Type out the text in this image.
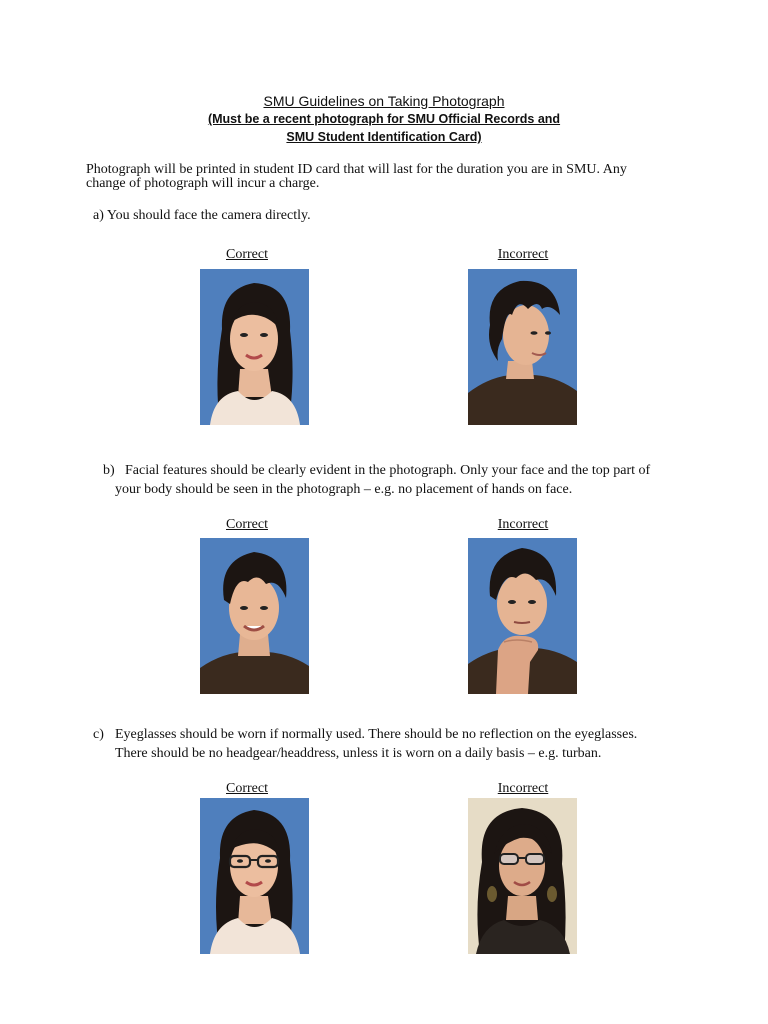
SMU Guidelines on Taking Photograph
(Must be a recent photograph for SMU Official Records and
SMU Student Identification Card)
Photograph will be printed in student ID card that will last for the duration you are in SMU. Any
change of photograph will incur a charge.
a) You should face the camera directly.
Correct	Incorrect
b) Facial features should be clearly evident in the photograph. Only your face and the top part of
your body should be seen in the photograph – e.g. no placement of hands on face.
Correct	Incorrect
c) Eyeglasses should be worn if normally used. There should be no reflection on the eyeglasses.
There should be no headgear/headdress, unless it is worn on a daily basis – e.g. turban.
Correct	Incorrect
